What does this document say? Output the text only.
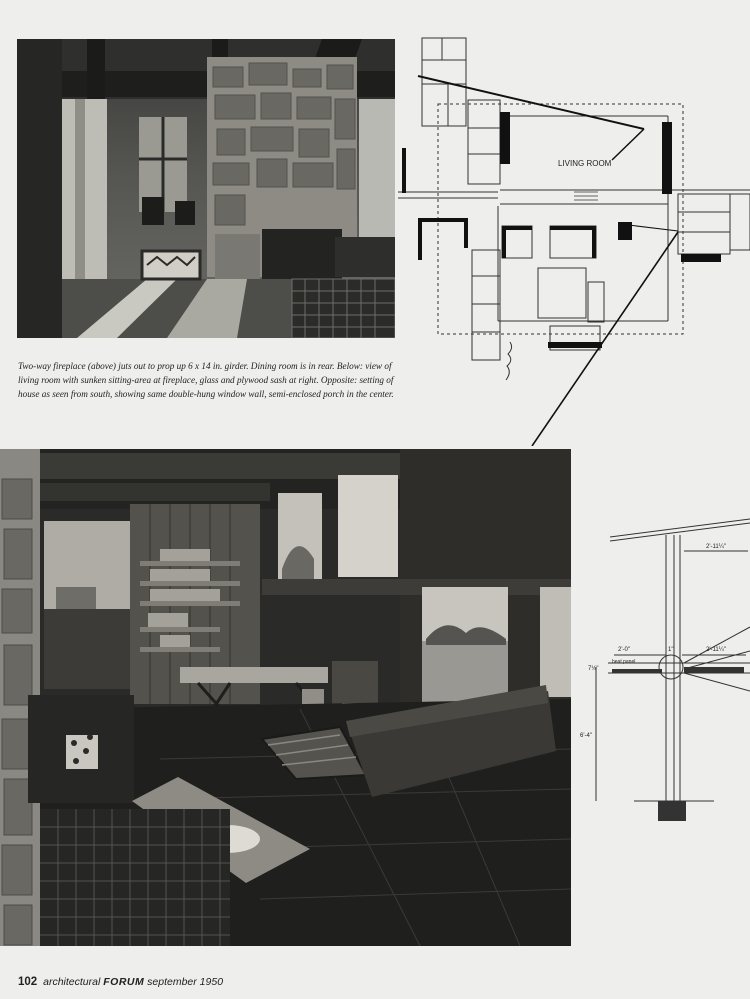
Two-way fireplace (above) juts out to prop up 6 x 14 in. girder. Dining room is in rear. Below: view of living room with sunken sitting-area at fireplace, glass and plywood sash at right. Opposite: setting of house as seen from south, showing same double-hung window wall, semi-enclosed porch in the center.
LIVING ROOM
2'-11¼"
2'-0"	1"	2'-11¼"
heat panel
7⅛"
6'-4"
102 architectural FORUM september 1950
